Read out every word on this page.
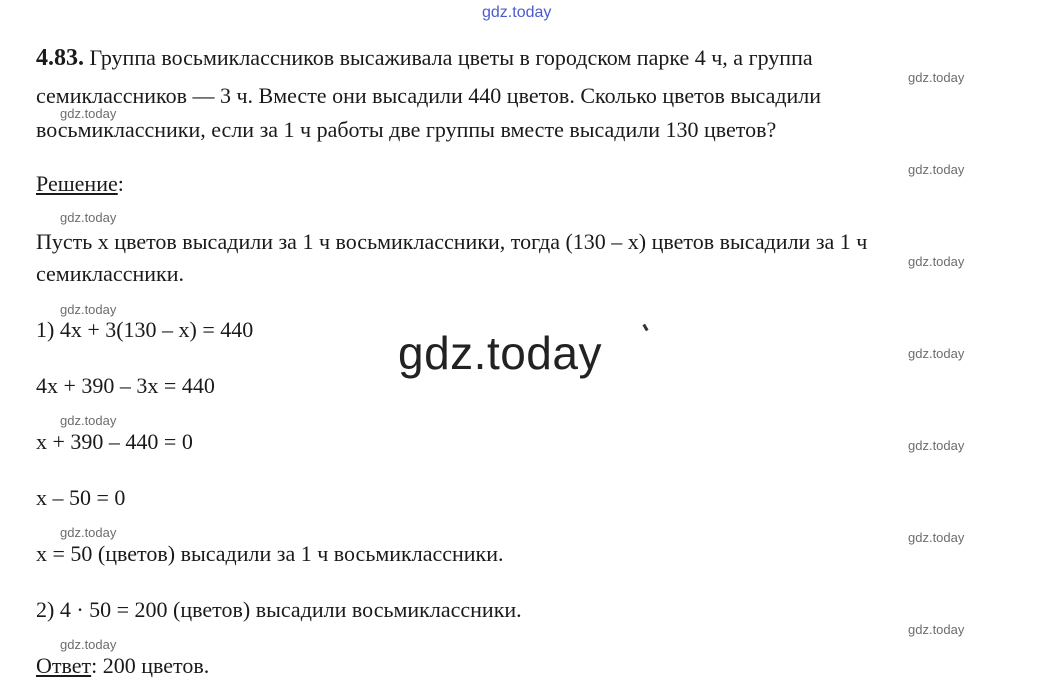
gdz.today
gdz.today
gdz.today
gdz.today
gdz.today
gdz.today
gdz.today
gdz.today
gdz.today
gdz.today
gdz.today
gdz.today	gdz.today
gdz.today
gdz.today
4.83. Группа восьмиклассников высаживала цветы в городском парке 4 ч, а группа
семиклассников — 3 ч. Вместе они высадили 440 цветов. Сколько цветов высадили
восьмиклассники, если за 1 ч работы две группы вместе высадили 130 цветов?
Решение:
Пусть x цветов высадили за 1 ч восьмиклассники, тогда (130 – x) цветов высадили за 1 ч
семиклассники.
1) 4x + 3(130 – x) = 440
4x + 390 – 3x = 440
x + 390 – 440 = 0
x – 50 = 0
x = 50 (цветов) высадили за 1 ч восьмиклассники.
2) 4 · 50 = 200 (цветов) высадили восьмиклассники.
Ответ: 200 цветов.
